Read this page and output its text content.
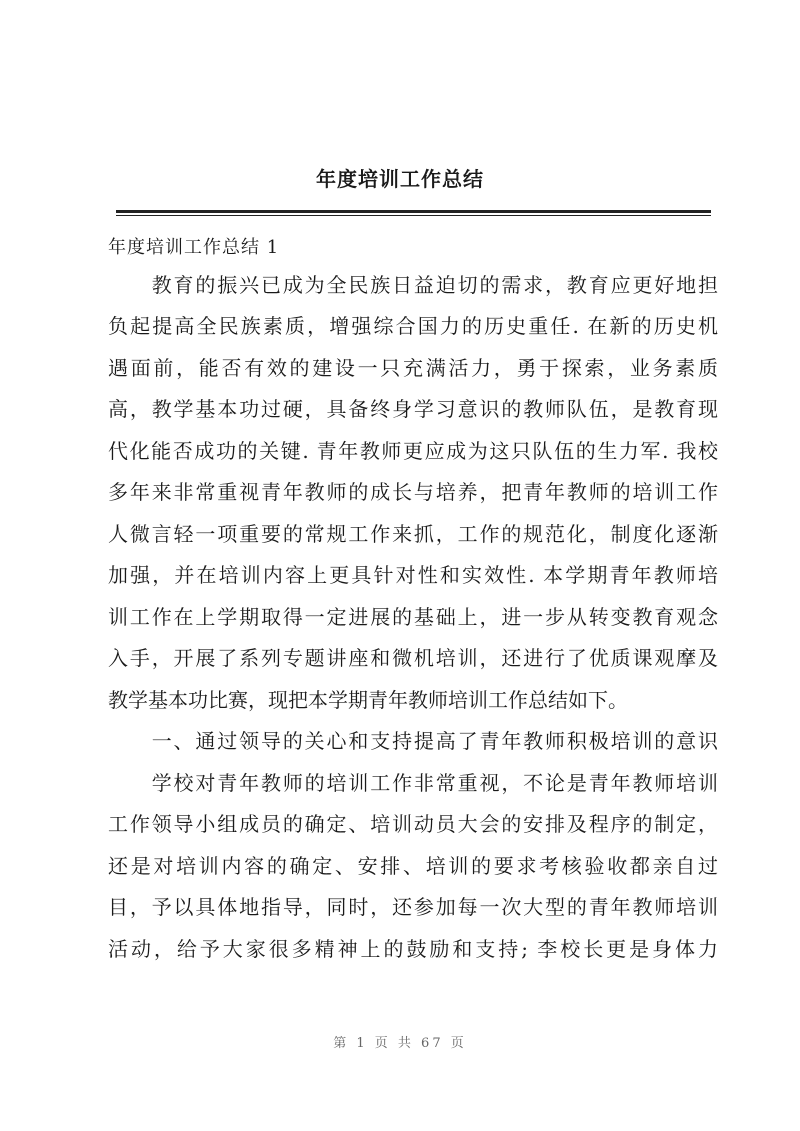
年度培训工作总结
年度培训工作总结 1
　　教育的振兴已成为全民族日益迫切的需求，教育应更好地担
负起提高全民族素质，增强综合国力的历史重任. 在新的历史机
遇面前，能否有效的建设一只充满活力，勇于探索，业务素质
高，教学基本功过硬，具备终身学习意识的教师队伍，是教育现
代化能否成功的关键. 青年教师更应成为这只队伍的生力军. 我校
多年来非常重视青年教师的成长与培养，把青年教师的培训工作
人微言轻一项重要的常规工作来抓，工作的规范化，制度化逐渐
加强，并在培训内容上更具针对性和实效性. 本学期青年教师培
训工作在上学期取得一定进展的基础上，进一步从转变教育观念
入手，开展了系列专题讲座和微机培训，还进行了优质课观摩及
教学基本功比赛，现把本学期青年教师培训工作总结如下。
　　一、通过领导的关心和支持提高了青年教师积极培训的意识
　　学校对青年教师的培训工作非常重视，不论是青年教师培训
工作领导小组成员的确定、培训动员大会的安排及程序的制定，
还是对培训内容的确定、安排、培训的要求考核验收都亲自过
目，予以具体地指导，同时，还参加每一次大型的青年教师培训
活动，给予大家很多精神上的鼓励和支持; 李校长更是身体力
第 1 页 共 67 页
